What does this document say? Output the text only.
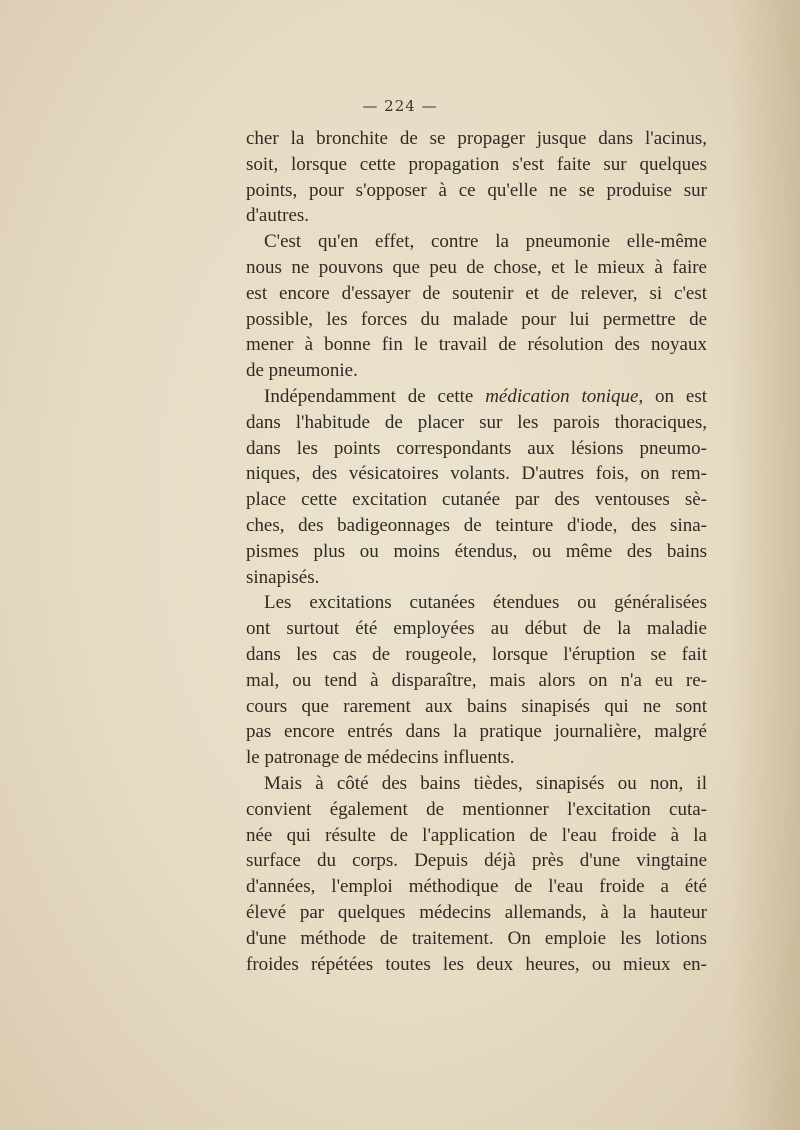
— 224 —
cher la bronchite de se propager jusque dans l'acinus,
soit, lorsque cette propagation s'est faite sur quelques
points, pour s'opposer à ce qu'elle ne se produise sur
d'autres.
C'est qu'en effet, contre la pneumonie elle-même
nous ne pouvons que peu de chose, et le mieux à faire
est encore d'essayer de soutenir et de relever, si c'est
possible, les forces du malade pour lui permettre de
mener à bonne fin le travail de résolution des noyaux
de pneumonie.
Indépendamment de cette médication tonique, on est
dans l'habitude de placer sur les parois thoraciques,
dans les points correspondants aux lésions pneumo-
niques, des vésicatoires volants. D'autres fois, on rem-
place cette excitation cutanée par des ventouses sè-
ches, des badigeonnages de teinture d'iode, des sina-
pismes plus ou moins étendus, ou même des bains
sinapisés.
Les excitations cutanées étendues ou généralisées
ont surtout été employées au début de la maladie
dans les cas de rougeole, lorsque l'éruption se fait
mal, ou tend à disparaître, mais alors on n'a eu re-
cours que rarement aux bains sinapisés qui ne sont
pas encore entrés dans la pratique journalière, malgré
le patronage de médecins influents.
Mais à côté des bains tièdes, sinapisés ou non, il
convient également de mentionner l'excitation cuta-
née qui résulte de l'application de l'eau froide à la
surface du corps. Depuis déjà près d'une vingtaine
d'années, l'emploi méthodique de l'eau froide a été
élevé par quelques médecins allemands, à la hauteur
d'une méthode de traitement. On emploie les lotions
froides répétées toutes les deux heures, ou mieux en-
